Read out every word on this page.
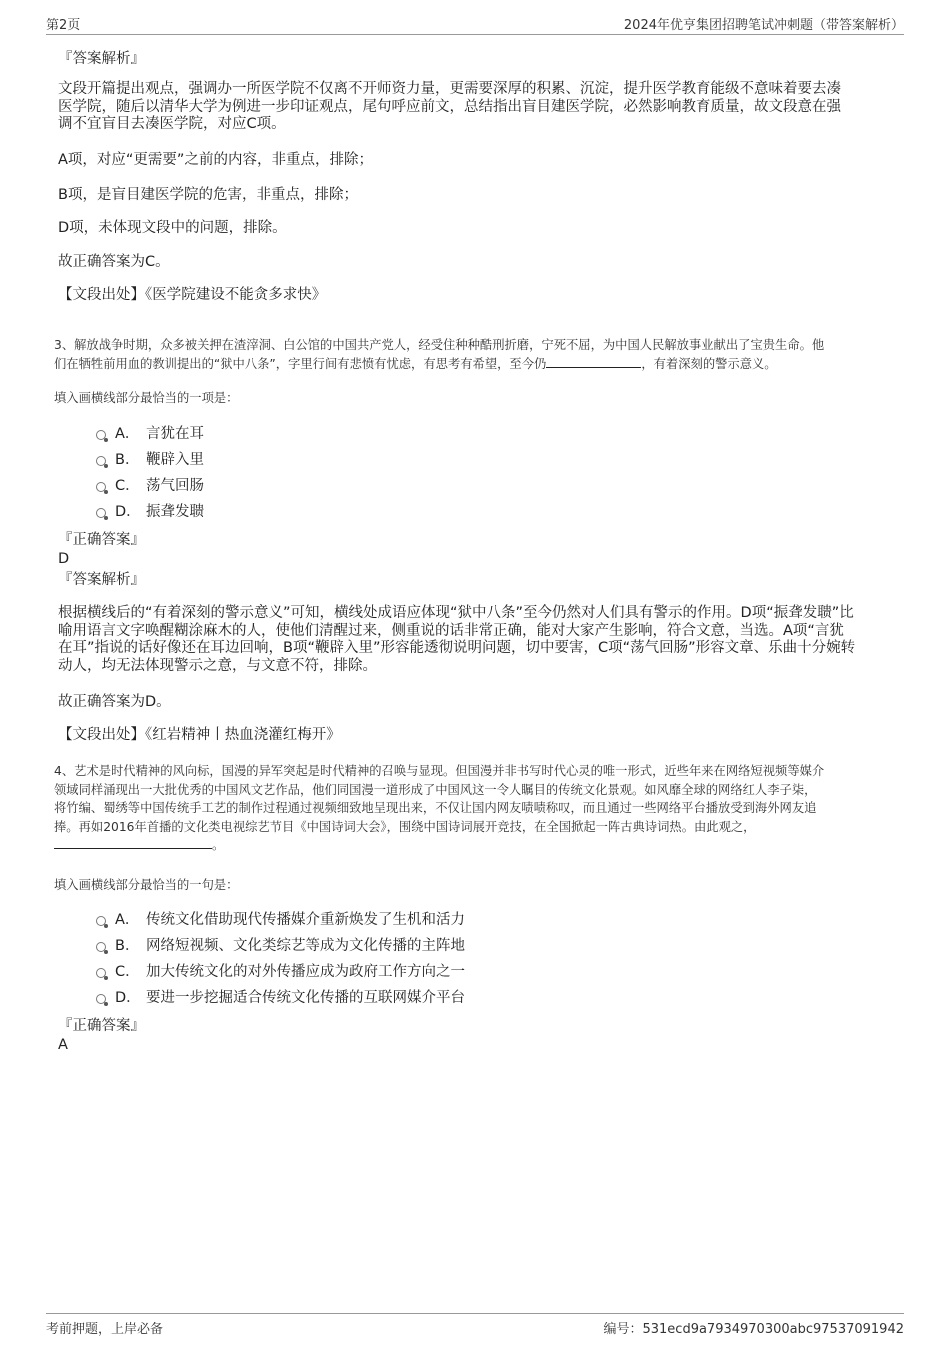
第2页	2024年优亨集团招聘笔试冲刺题（带答案解析）
『答案解析』
文段开篇提出观点，强调办一所医学院不仅离不开师资力量，更需要深厚的积累、沉淀，提升医学教育能级不意味着要去凑
医学院，随后以清华大学为例进一步印证观点，尾句呼应前文，总结指出盲目建医学院，必然影响教育质量，故文段意在强
调不宜盲目去凑医学院，对应C项。
A项，对应“更需要”之前的内容，非重点，排除；
B项，是盲目建医学院的危害，非重点，排除；
D项，未体现文段中的问题，排除。
故正确答案为C。
【文段出处】《医学院建设不能贪多求快》
3、解放战争时期，众多被关押在渣滓洞、白公馆的中国共产党人，经受住种种酷刑折磨，宁死不屈，为中国人民解放事业献出了宝贵生命。他
们在牺牲前用血的教训提出的“狱中八条”，字里行间有悲愤有忧虑，有思考有希望，至今仍	，有着深刻的警示意义。
填入画横线部分最恰当的一项是：
A． 言犹在耳
B． 鞭辟入里
C． 荡气回肠
D． 振聋发聩
『正确答案』
D
『答案解析』
根据横线后的“有着深刻的警示意义”可知，横线处成语应体现“狱中八条”至今仍然对人们具有警示的作用。D项“振聋发聩”比
喻用语言文字唤醒糊涂麻木的人，使他们清醒过来，侧重说的话非常正确，能对大家产生影响，符合文意，当选。A项“言犹
在耳”指说的话好像还在耳边回响，B项“鞭辟入里”形容能透彻说明问题，切中要害，C项“荡气回肠”形容文章、乐曲十分婉转
动人，均无法体现警示之意，与文意不符，排除。
故正确答案为D。
【文段出处】《红岩精神丨热血浇灌红梅开》
4、艺术是时代精神的风向标，国漫的异军突起是时代精神的召唤与显现。但国漫并非书写时代心灵的唯一形式，近些年来在网络短视频等媒介
领域同样涌现出一大批优秀的中国风文艺作品，他们同国漫一道形成了中国风这一令人瞩目的传统文化景观。如风靡全球的网络红人李子柒，
将竹编、蜀绣等中国传统手工艺的制作过程通过视频细致地呈现出来，不仅让国内网友啧啧称叹，而且通过一些网络平台播放受到海外网友追
捧。再如2016年首播的文化类电视综艺节目《中国诗词大会》，围绕中国诗词展开竞技，在全国掀起一阵古典诗词热。由此观之，
。
填入画横线部分最恰当的一句是：
A． 传统文化借助现代传播媒介重新焕发了生机和活力
B． 网络短视频、文化类综艺等成为文化传播的主阵地
C． 加大传统文化的对外传播应成为政府工作方向之一
D． 要进一步挖掘适合传统文化传播的互联网媒介平台
『正确答案』
A
考前押题，上岸必备	编号：531ecd9a7934970300abc97537091942
